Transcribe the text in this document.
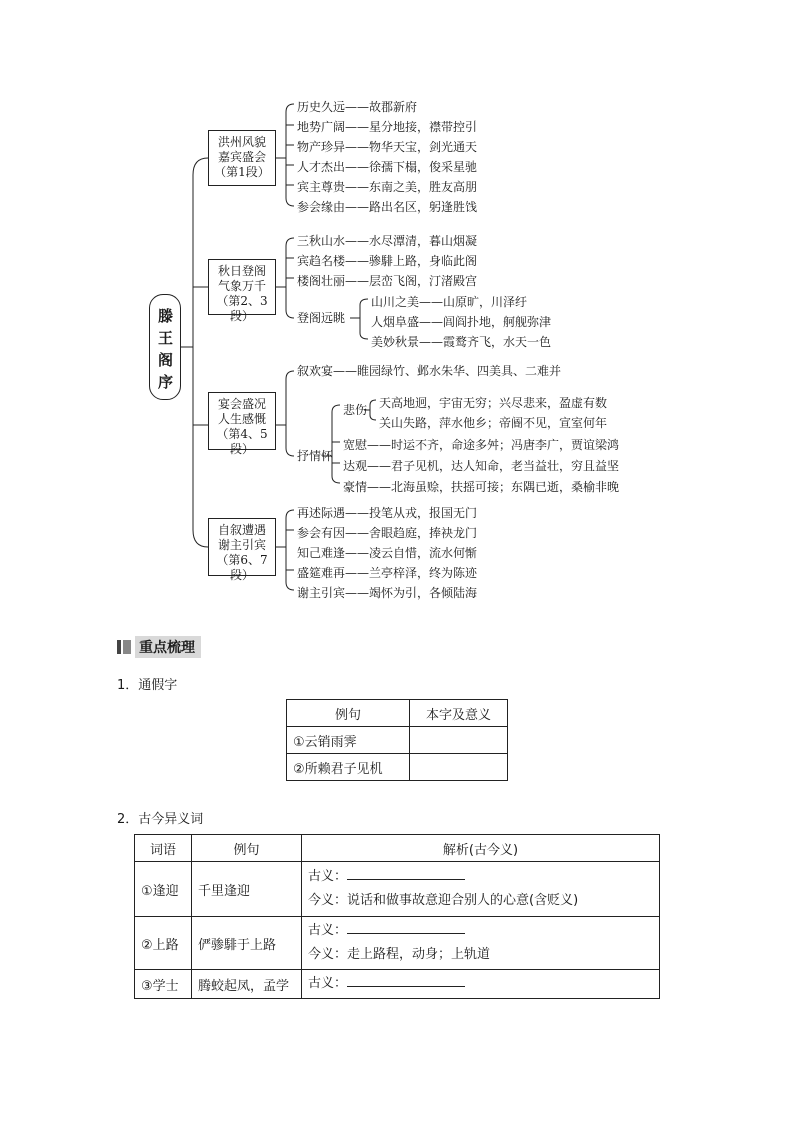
滕王阁序
洪州风貌
嘉宾盛会
（第1段）
历史久远——故郡新府
地势广阔——星分地接，襟带控引
物产珍异——物华天宝，剑光通天
人才杰出——徐孺下榻，俊采星驰
宾主尊贵——东南之美，胜友高朋
参会缘由——路出名区，躬逢胜饯
秋日登阁
气象万千
（第2、3段）
三秋山水——水尽潭清，暮山烟凝
宾趋名楼——骖騑上路，身临此阁
楼阁壮丽——层峦飞阁，汀渚殿宫
登阁远眺
山川之美——山原旷，川泽纡
人烟阜盛——闾阎扑地，舸舰弥津
美妙秋景——霞鹜齐飞，水天一色
宴会盛况
人生感慨
（第4、5段）
叙欢宴——睢园绿竹、邺水朱华、四美具、二难并
抒情怀
悲伤 天高地迥，宇宙无穷；兴尽悲来，盈虚有数
关山失路，萍水他乡；帝阍不见，宣室何年
宽慰——时运不齐，命途多舛；冯唐李广，贾谊梁鸿
达观——君子见机，达人知命，老当益壮，穷且益坚
豪情——北海虽赊，扶摇可接；东隅已逝，桑榆非晚
自叙遭遇
谢主引宾
（第6、7段）
再述际遇——投笔从戎，报国无门
参会有因——舍眼趋庭，捧袂龙门
知己难逢——凌云自惜，流水何惭
盛筵难再——兰亭梓泽，终为陈迹
谢主引宾——竭怀为引，各倾陆海
重点梳理
1．通假字
例句	本字及意义
①云销雨霁	
②所赖君子见机	
2．古今异义词
词语	例句	解析(古今义)
①逢迎	千里逢迎	古义：
今义：说话和做事故意迎合别人的心意(含贬义)

②上路	俨骖騑于上路	古义：
今义：走上路程，动身；上轨道

③学士	腾蛟起凤，孟学	古义：
